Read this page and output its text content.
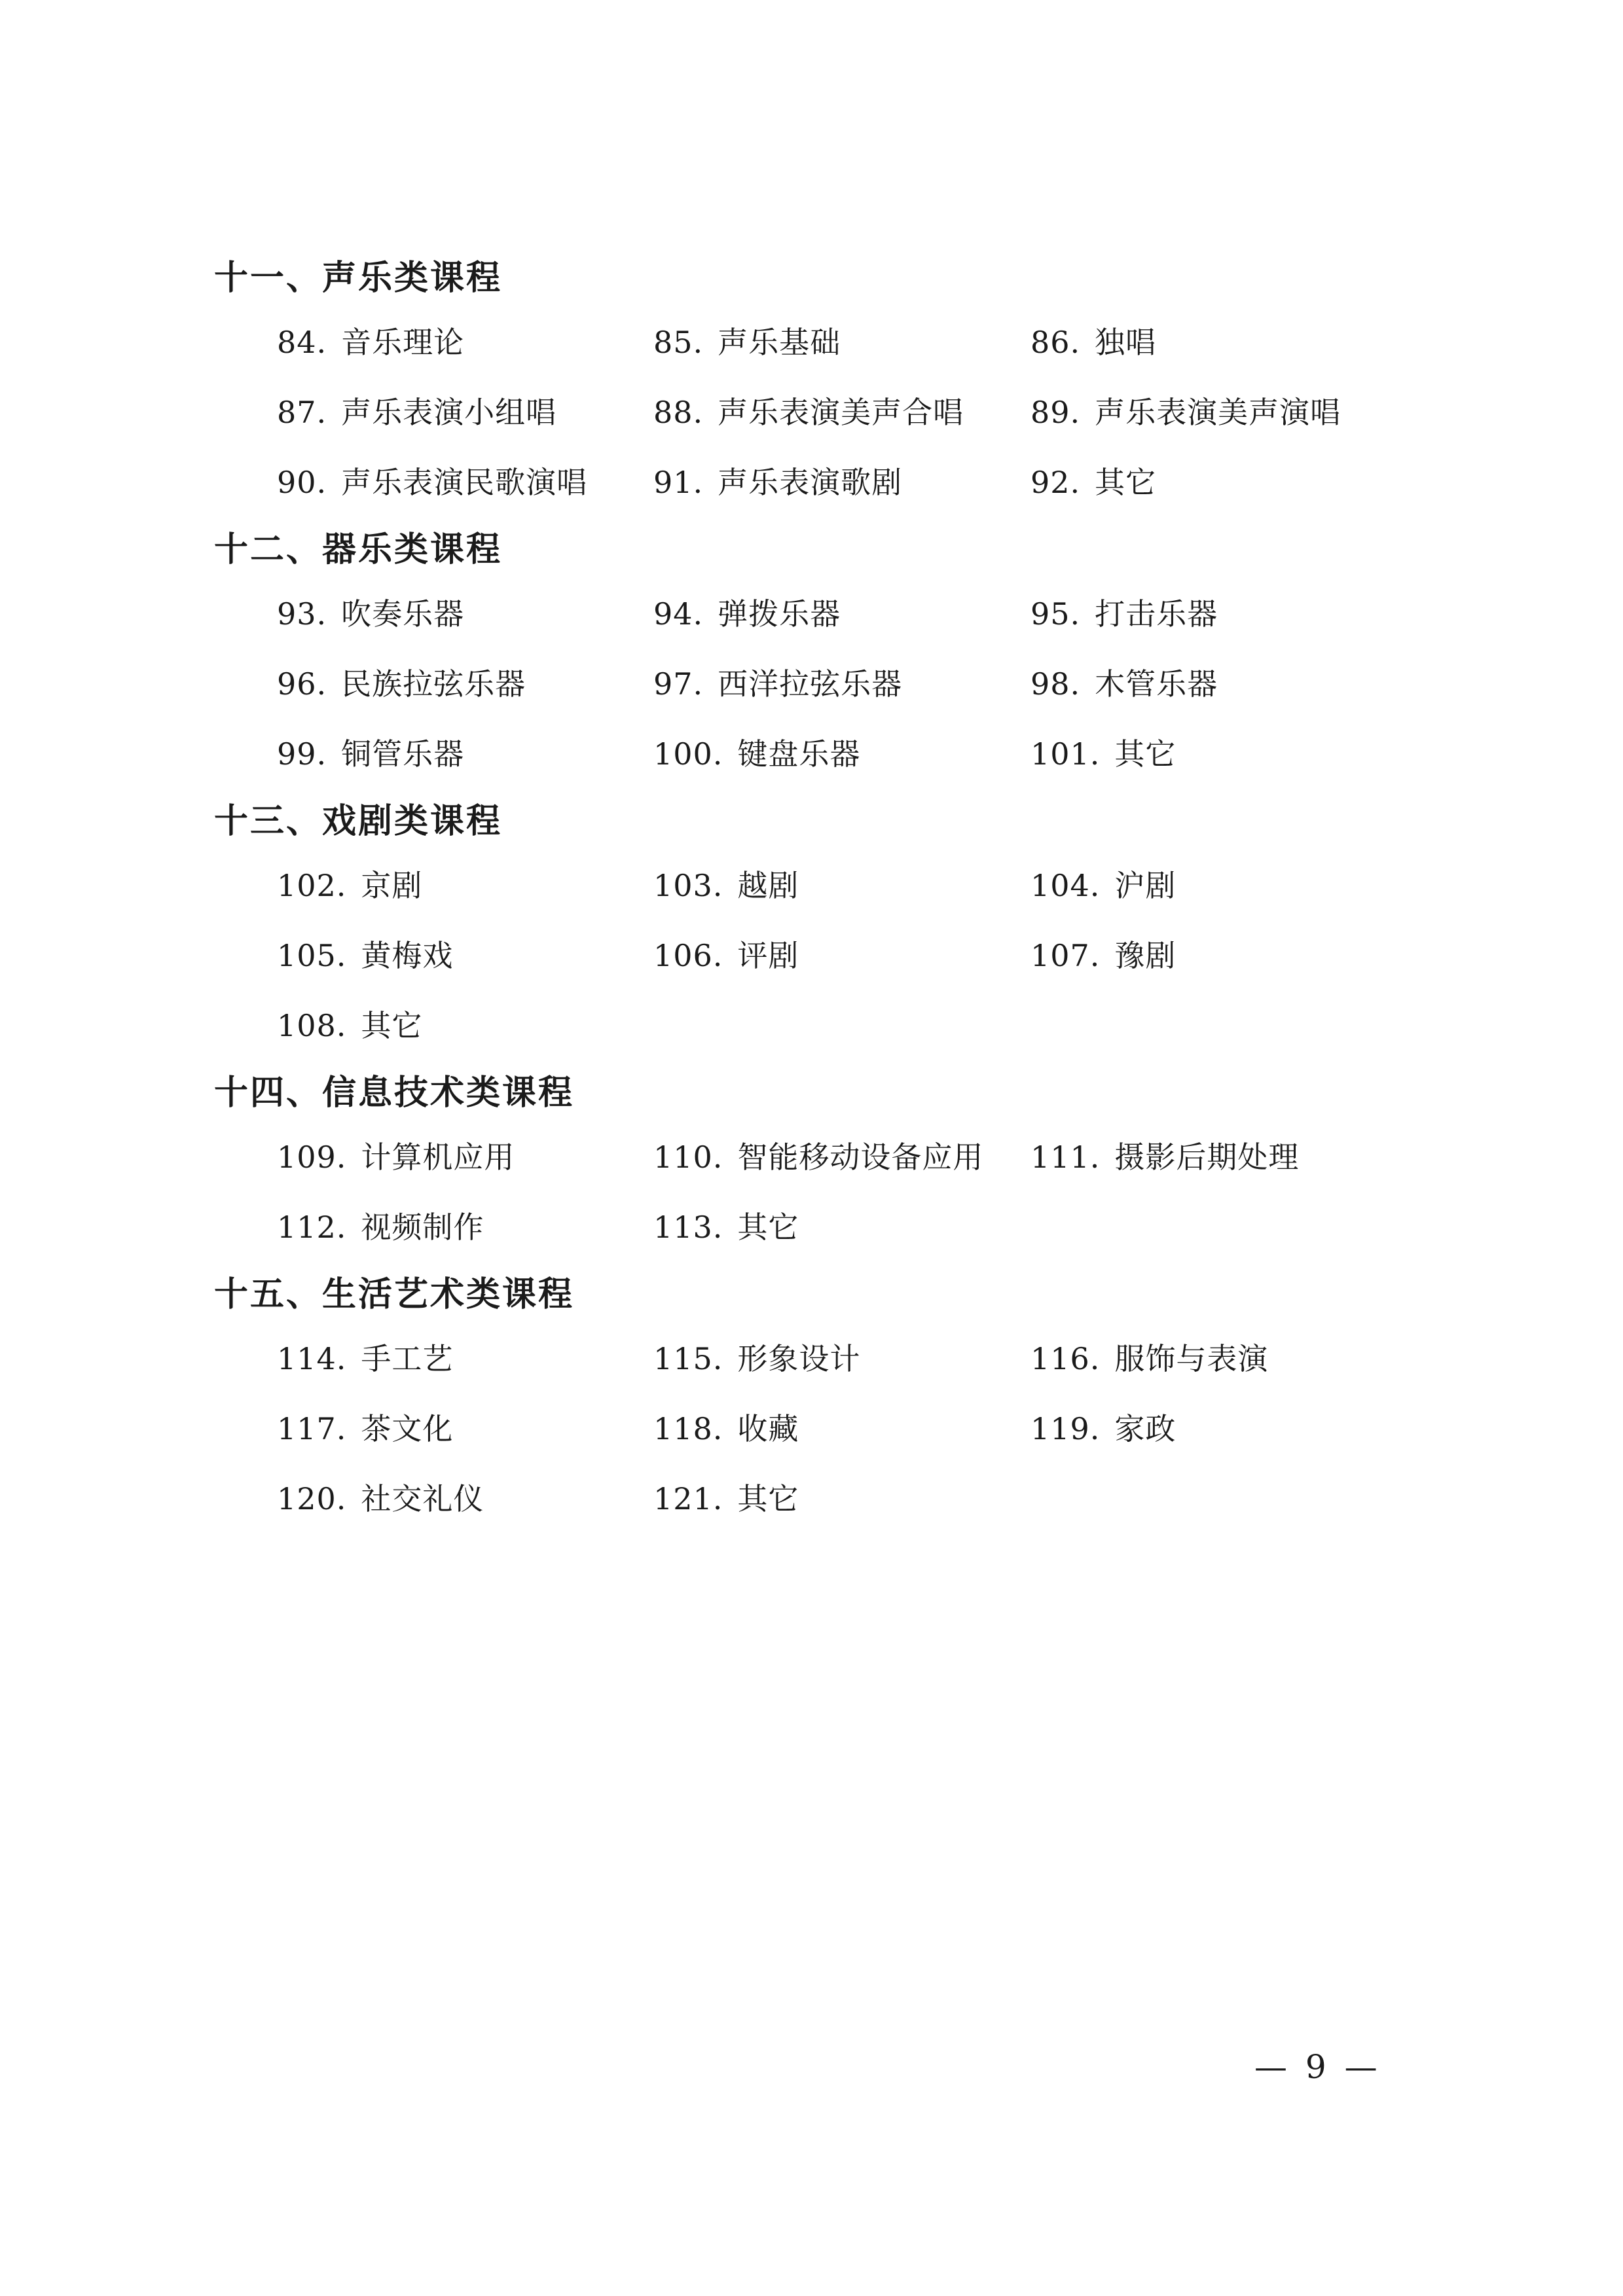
十一、声乐类课程
84. 音乐理论	85. 声乐基础	86. 独唱
87. 声乐表演小组唱	88. 声乐表演美声合唱	89. 声乐表演美声演唱
90. 声乐表演民歌演唱	91. 声乐表演歌剧	92. 其它
十二、器乐类课程
93. 吹奏乐器	94. 弹拨乐器	95. 打击乐器
96. 民族拉弦乐器	97. 西洋拉弦乐器	98. 木管乐器
99. 铜管乐器	100. 键盘乐器	101. 其它
十三、戏剧类课程
102. 京剧	103. 越剧	104. 沪剧
105. 黄梅戏	106. 评剧	107. 豫剧
108. 其它
十四、信息技术类课程
109. 计算机应用	110. 智能移动设备应用	111. 摄影后期处理
112. 视频制作	113. 其它
十五、生活艺术类课程
114. 手工艺	115. 形象设计	116. 服饰与表演
117. 茶文化	118. 收藏	119. 家政
120. 社交礼仪	121. 其它
— 9 —
